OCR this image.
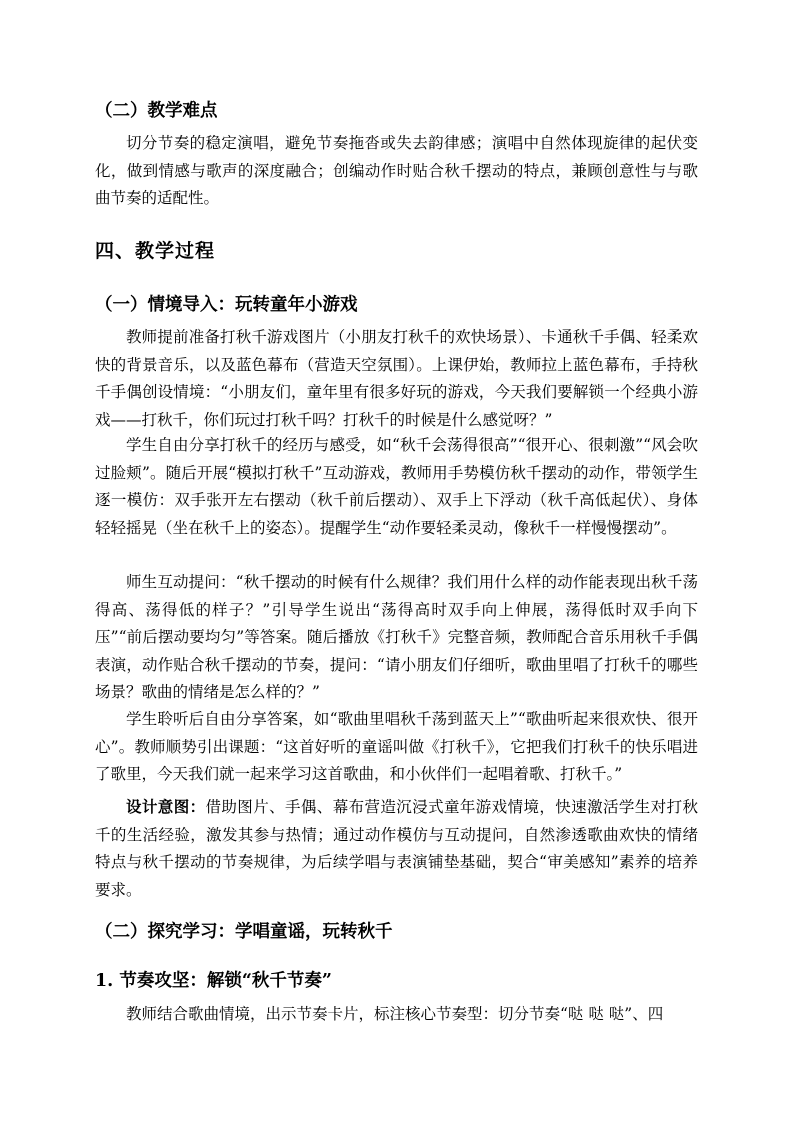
（二）教学难点

切分节奏的稳定演唱，避免节奏拖沓或失去韵律感；演唱中自然体现旋律的起伏变化，做到情感与歌声的深度融合；创编动作时贴合秋千摆动的特点，兼顾创意性与与歌曲节奏的适配性。

四、教学过程
（一）情境导入：玩转童年小游戏

教师提前准备打秋千游戏图片（小朋友打秋千的欢快场景）、卡通秋千手偶、轻柔欢快的背景音乐，以及蓝色幕布（营造天空氛围）。上课伊始，教师拉上蓝色幕布，手持秋千手偶创设情境：“小朋友们，童年里有很多好玩的游戏，今天我们要解锁一个经典小游戏——打秋千，你们玩过打秋千吗？打秋千的时候是什么感觉呀？”

学生自由分享打秋千的经历与感受，如“秋千会荡得很高”“很开心、很刺激”“风会吹过脸颊”。随后开展“模拟打秋千”互动游戏，教师用手势模仿秋千摆动的动作，带领学生逐一模仿：双手张开左右摆动（秋千前后摆动）、双手上下浮动（秋千高低起伏）、身体轻轻摇晃（坐在秋千上的姿态）。提醒学生“动作要轻柔灵动，像秋千一样慢慢摆动”。

师生互动提问：“秋千摆动的时候有什么规律？我们用什么样的动作能表现出秋千荡得高、荡得低的样子？”引导学生说出“荡得高时双手向上伸展，荡得低时双手向下压”“前后摆动要均匀”等答案。随后播放《打秋千》完整音频，教师配合音乐用秋千手偶表演，动作贴合秋千摆动的节奏，提问：“请小朋友们仔细听，歌曲里唱了打秋千的哪些场景？歌曲的情绪是怎么样的？”

学生聆听后自由分享答案，如“歌曲里唱秋千荡到蓝天上”“歌曲听起来很欢快、很开心”。教师顺势引出课题：“这首好听的童谣叫做《打秋千》，它把我们打秋千的快乐唱进了歌里，今天我们就一起来学习这首歌曲，和小伙伴们一起唱着歌、打秋千。”

设计意图：借助图片、手偶、幕布营造沉浸式童年游戏情境，快速激活学生对打秋千的生活经验，激发其参与热情；通过动作模仿与互动提问，自然渗透歌曲欢快的情绪特点与秋千摆动的节奏规律，为后续学唱与表演铺垫基础，契合“审美感知”素养的培养要求。

（二）探究学习：学唱童谣，玩转秋千
1. 节奏攻坚：解锁“秋千节奏”

教师结合歌曲情境，出示节奏卡片，标注核心节奏型：切分节奏“哒 哒 哒”、四
